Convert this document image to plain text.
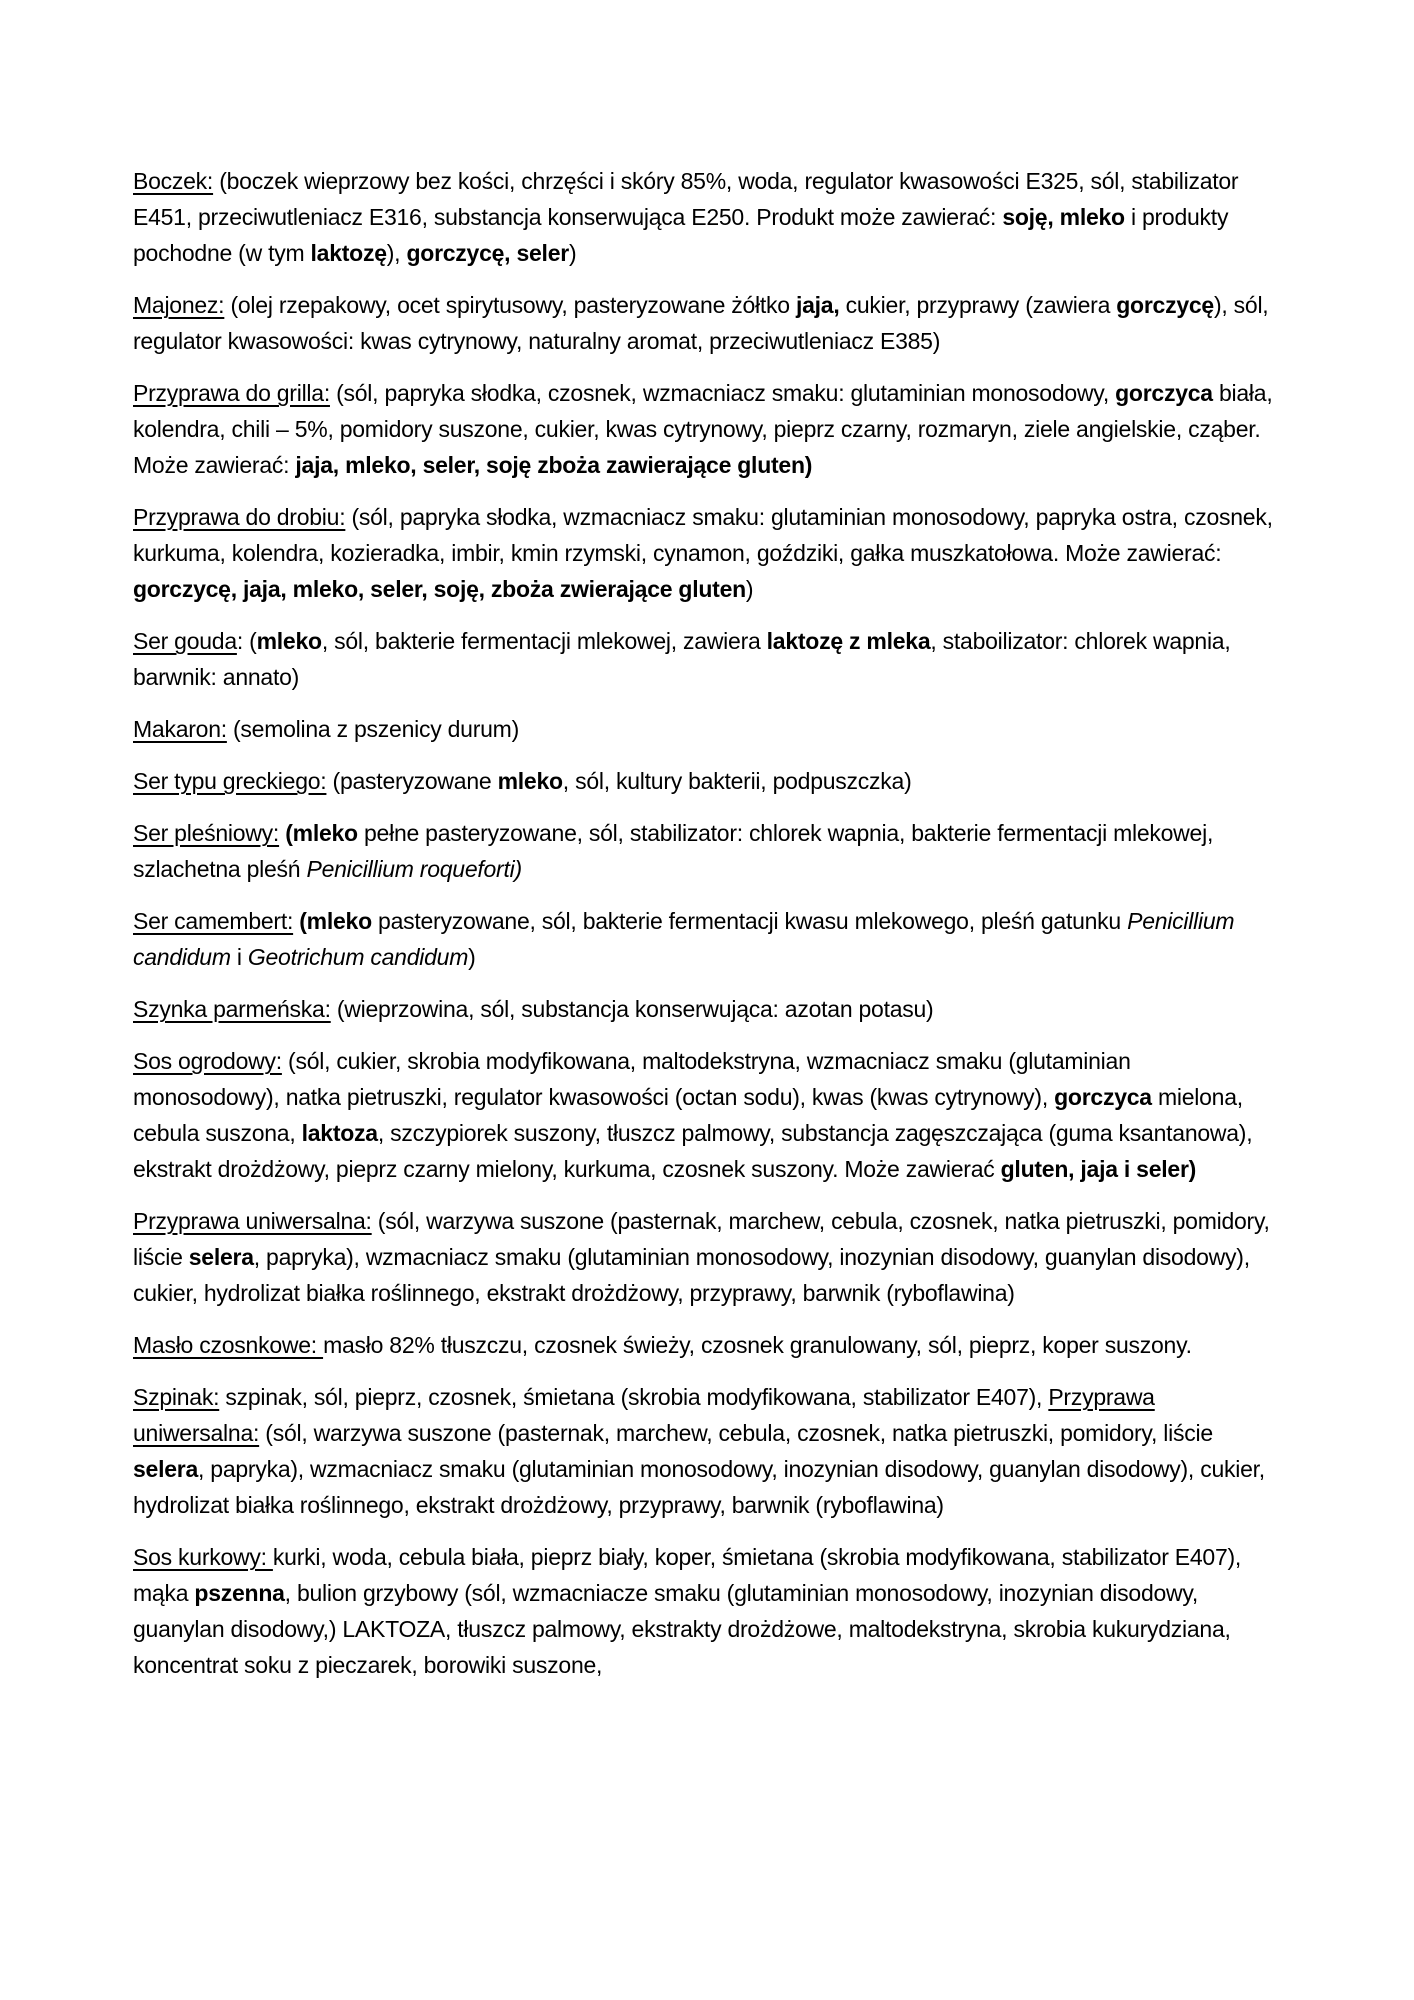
Boczek: (boczek wieprzowy bez kości, chrzęści i skóry 85%, woda, regulator kwasowości E325, sól, stabilizator E451, przeciwutleniacz E316, substancja konserwująca E250. Produkt może zawierać: soję, mleko i produkty pochodne (w tym laktozę), gorczycę, seler)

Majonez: (olej rzepakowy, ocet spirytusowy, pasteryzowane żółtko jaja, cukier, przyprawy (zawiera gorczycę), sól, regulator kwasowości: kwas cytrynowy, naturalny aromat, przeciwutleniacz E385)

Przyprawa do grilla: (sól, papryka słodka, czosnek, wzmacniacz smaku: glutaminian monosodowy, gorczyca biała, kolendra, chili – 5%, pomidory suszone, cukier, kwas cytrynowy, pieprz czarny, rozmaryn, ziele angielskie, cząber. Może zawierać: jaja, mleko, seler, soję zboża zawierające gluten)

Przyprawa do drobiu: (sól, papryka słodka, wzmacniacz smaku: glutaminian monosodowy, papryka ostra, czosnek, kurkuma, kolendra, kozieradka, imbir, kmin rzymski, cynamon, goździki, gałka muszkatołowa. Może zawierać: gorczycę, jaja, mleko, seler, soję, zboża zwierające gluten)

Ser gouda: (mleko, sól, bakterie fermentacji mlekowej, zawiera laktozę z mleka, staboilizator: chlorek wapnia, barwnik: annato)

Makaron: (semolina z pszenicy durum)

Ser typu greckiego: (pasteryzowane mleko, sól, kultury bakterii, podpuszczka)

Ser pleśniowy: (mleko pełne pasteryzowane, sól, stabilizator: chlorek wapnia, bakterie fermentacji mlekowej, szlachetna pleśń Penicillium roqueforti)

Ser camembert: (mleko pasteryzowane, sól, bakterie fermentacji kwasu mlekowego, pleśń gatunku Penicillium candidum i Geotrichum candidum)

Szynka parmeńska: (wieprzowina, sól, substancja konserwująca: azotan potasu)

Sos ogrodowy: (sól, cukier, skrobia modyfikowana, maltodekstryna, wzmacniacz smaku (glutaminian monosodowy), natka pietruszki, regulator kwasowości (octan sodu), kwas (kwas cytrynowy), gorczyca mielona, cebula suszona, laktoza, szczypiorek suszony, tłuszcz palmowy, substancja zagęszczająca (guma ksantanowa), ekstrakt drożdżowy, pieprz czarny mielony, kurkuma, czosnek suszony. Może zawierać gluten, jaja i seler)

Przyprawa uniwersalna: (sól, warzywa suszone (pasternak, marchew, cebula, czosnek, natka pietruszki, pomidory, liście selera, papryka), wzmacniacz smaku (glutaminian monosodowy, inozynian disodowy, guanylan disodowy), cukier, hydrolizat białka roślinnego, ekstrakt drożdżowy, przyprawy, barwnik (ryboflawina)

Masło czosnkowe: masło 82% tłuszczu, czosnek świeży, czosnek granulowany, sól, pieprz, koper suszony.

Szpinak: szpinak, sól, pieprz, czosnek, śmietana (skrobia modyfikowana, stabilizator E407), Przyprawa uniwersalna: (sól, warzywa suszone (pasternak, marchew, cebula, czosnek, natka pietruszki, pomidory, liście selera, papryka), wzmacniacz smaku (glutaminian monosodowy, inozynian disodowy, guanylan disodowy), cukier, hydrolizat białka roślinnego, ekstrakt drożdżowy, przyprawy, barwnik (ryboflawina)

Sos kurkowy: kurki, woda, cebula biała, pieprz biały, koper, śmietana (skrobia modyfikowana, stabilizator E407), mąka pszenna, bulion grzybowy (sól, wzmacniacze smaku (glutaminian monosodowy, inozynian disodowy, guanylan disodowy,) LAKTOZA, tłuszcz palmowy, ekstrakty drożdżowe, maltodekstryna, skrobia kukurydziana, koncentrat soku z pieczarek, borowiki suszone,
